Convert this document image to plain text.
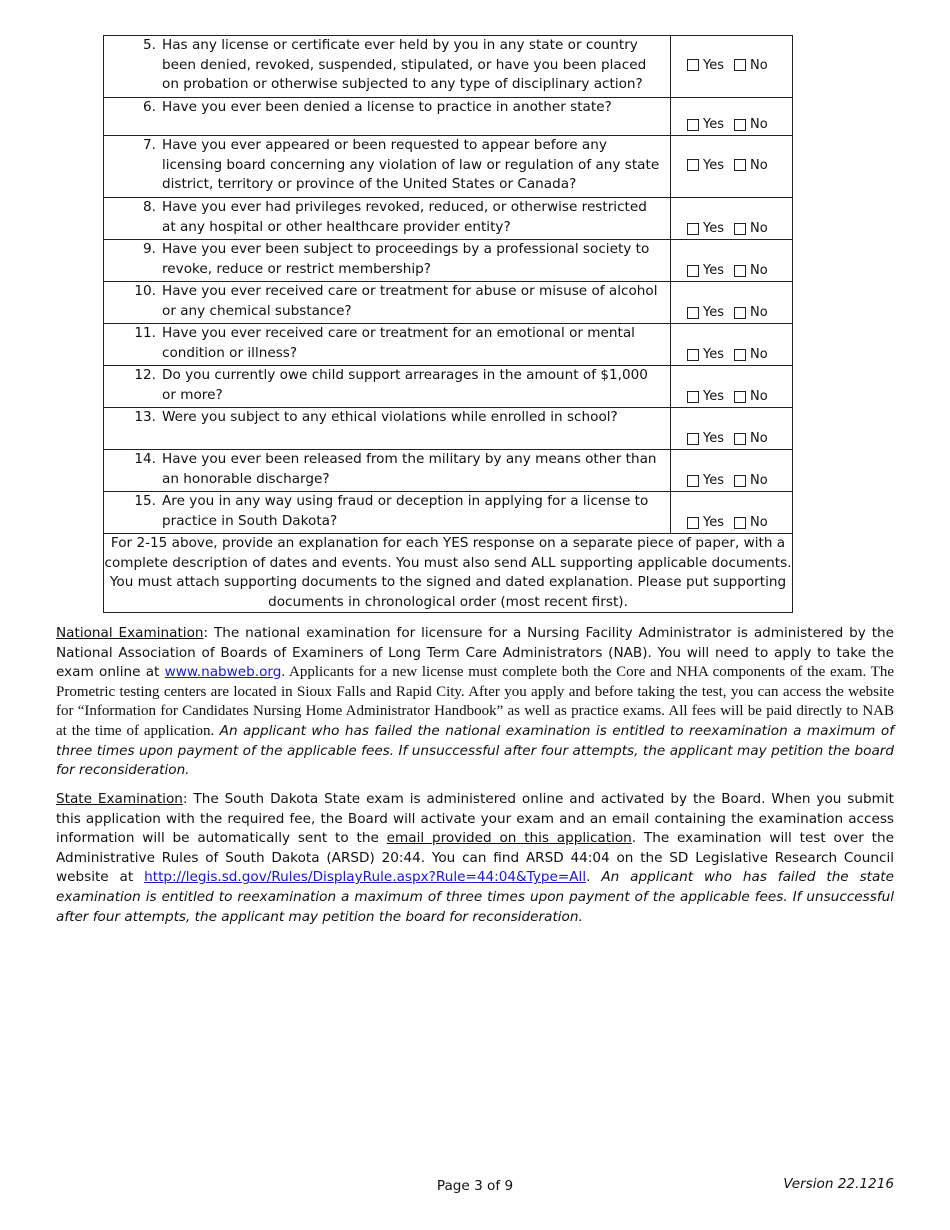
5. Has any license or certificate ever held by you in any state or country been denied, revoked, suspended, stipulated, or have you been placed on probation or otherwise subjected to any type of disciplinary action?	Yes No

6. Have you ever been denied a license to practice in another state?	Yes No

7. Have you ever appeared or been requested to appear before any licensing board concerning any violation of law or regulation of any state district, territory or province of the United States or Canada?	Yes No

8. Have you ever had privileges revoked, reduced, or otherwise restricted at any hospital or other healthcare provider entity?	Yes No

9. Have you ever been subject to proceedings by a professional society to revoke, reduce or restrict membership?	Yes No

10. Have you ever received care or treatment for abuse or misuse of alcohol or any chemical substance?	Yes No

11. Have you ever received care or treatment for an emotional or mental condition or illness?	Yes No

12. Do you currently owe child support arrearages in the amount of $1,000 or more?	Yes No

13. Were you subject to any ethical violations while enrolled in school?	Yes No

14. Have you ever been released from the military by any means other than an honorable discharge?	Yes No

15. Are you in any way using fraud or deception in applying for a license to practice in South Dakota?	Yes No

For 2-15 above, provide an explanation for each YES response on a separate piece of paper, with a complete description of dates and events. You must also send ALL supporting applicable documents. You must attach supporting documents to the signed and dated explanation. Please put supporting documents in chronological order (most recent first).	
National Examination: The national examination for licensure for a Nursing Facility Administrator is administered by the National Association of Boards of Examiners of Long Term Care Administrators (NAB). You will need to apply to take the exam online at www.nabweb.org. Applicants for a new license must complete both the Core and NHA components of the exam. The Prometric testing centers are located in Sioux Falls and Rapid City. After you apply and before taking the test, you can access the website for “Information for Candidates Nursing Home Administrator Handbook” as well as practice exams. All fees will be paid directly to NAB at the time of application. An applicant who has failed the national examination is entitled to reexamination a maximum of three times upon payment of the applicable fees. If unsuccessful after four attempts, the applicant may petition the board for reconsideration.
State Examination: The South Dakota State exam is administered online and activated by the Board. When you submit this application with the required fee, the Board will activate your exam and an email containing the examination access information will be automatically sent to the email provided on this application. The examination will test over the Administrative Rules of South Dakota (ARSD) 20:44. You can find ARSD 44:04 on the SD Legislative Research Council website at http://legis.sd.gov/Rules/DisplayRule.aspx?Rule=44:04&Type=All. An applicant who has failed the state examination is entitled to reexamination a maximum of three times upon payment of the applicable fees. If unsuccessful after four attempts, the applicant may petition the board for reconsideration.
Page 3 of 9	Version 22.1216
